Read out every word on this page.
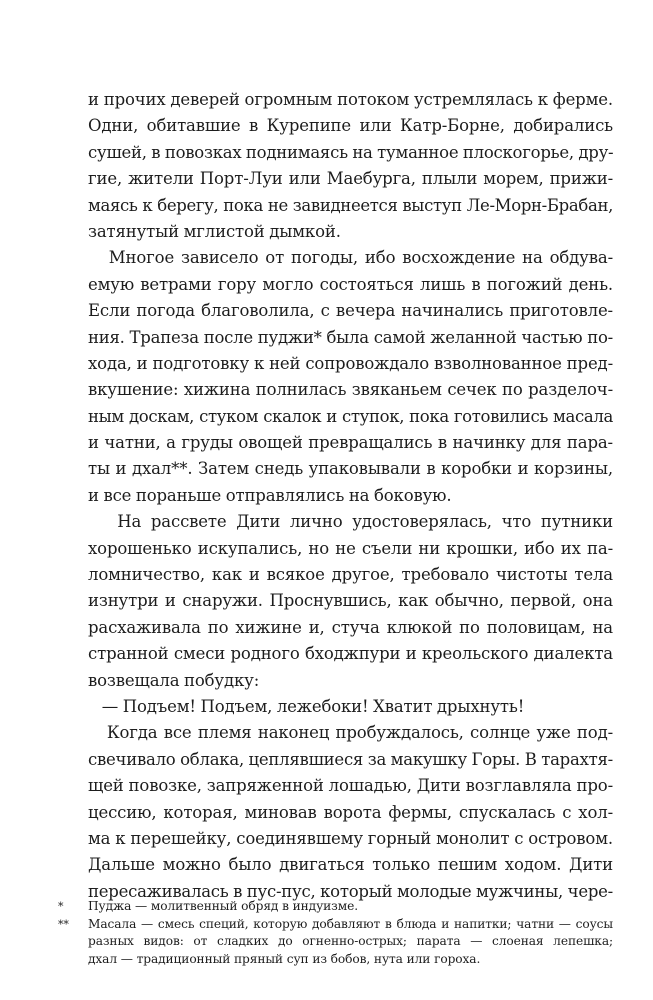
и прочих деверей огромным потоком устремлялась к ферме.
Одни, обитавшие в Курепипе или Катр-Борне, добирались
сушей, в повозках поднимаясь на туманное плоскогорье, дру-
гие, жители Порт-Луи или Маебурга, плыли морем, прижи-
маясь к берегу, пока не завиднеется выступ Ле-Морн-Брабан,
затянутый мглистой дымкой.
Многое зависело от погоды, ибо восхождение на обдува-
емую ветрами гору могло состояться лишь в погожий день.
Если погода благоволила, с вечера начинались приготовле-
ния. Трапеза после пуджи* была самой желанной частью по-
хода, и подготовку к ней сопровождало взволнованное пред-
вкушение: хижина полнилась звяканьем сечек по разделоч-
ным доскам, стуком скалок и ступок, пока готовились масала
и чатни, а груды овощей превращались в начинку для пара-
ты и дхал**. Затем снедь упаковывали в коробки и корзины,
и все пораньше отправлялись на боковую.
На рассвете Дити лично удостоверялась, что путники
хорошенько искупались, но не съели ни крошки, ибо их па-
ломничество, как и всякое другое, требовало чистоты тела
изнутри и снаружи. Проснувшись, как обычно, первой, она
расхаживала по хижине и, стуча клюкой по половицам, на
странной смеси родного бходжпури и креольского диалекта
возвещала побудку:
— Подъем! Подъем, лежебоки! Хватит дрыхнуть!
Когда все племя наконец пробуждалось, солнце уже под-
свечивало облака, цеплявшиеся за макушку Горы. В тарахтя-
щей повозке, запряженной лошадью, Дити возглавляла про-
цессию, которая, миновав ворота фермы, спускалась с хол-
ма к перешейку, соединявшему горный монолит с островом.
Дальше можно было двигаться только пешим ходом. Дити
пересаживалась в пус-пус, который молодые мужчины, чере-
* Пуджа — молитвенный обряд в индуизме.
** Масала — смесь специй, которую добавляют в блюда и напитки; чатни — соусы
разных видов: от сладких до огненно-острых; парата — слоеная лепешка;
дхал — традиционный пряный суп из бобов, нута или гороха.
